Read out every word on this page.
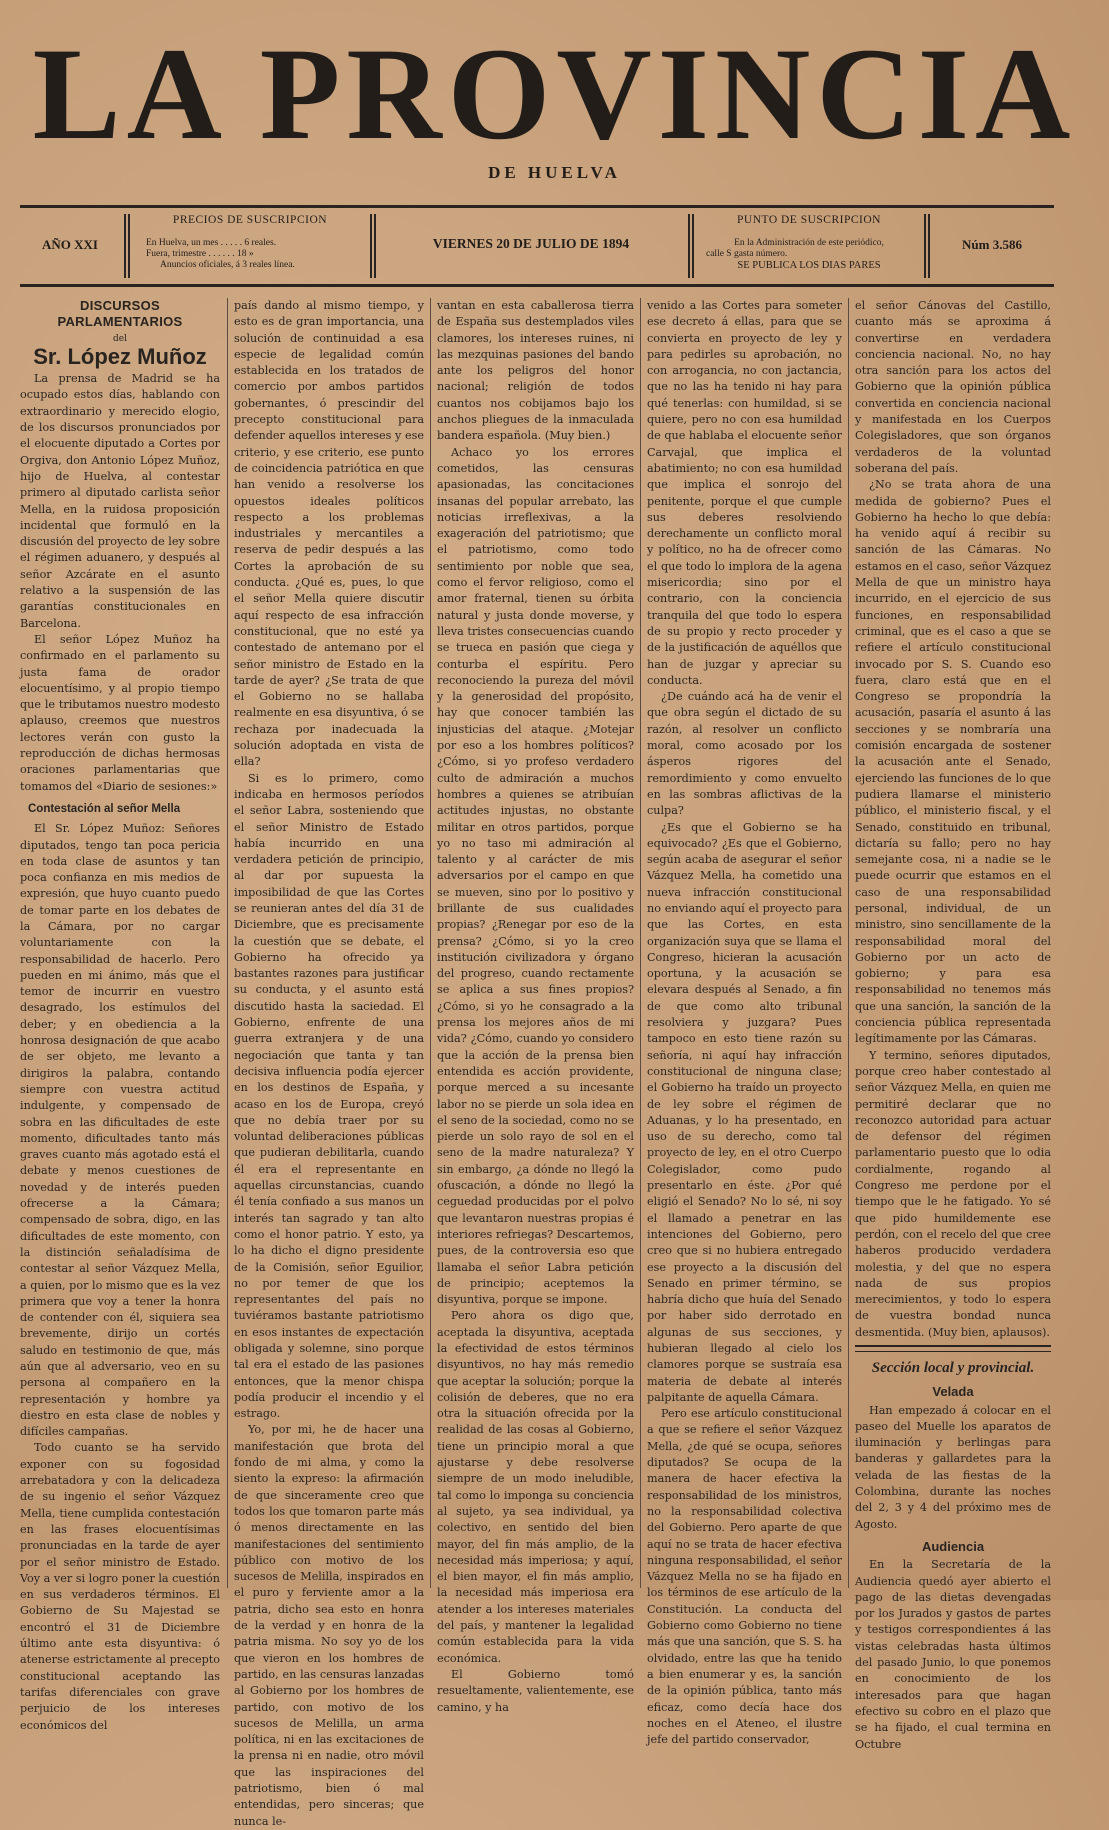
LA PROVINCIA
DE HUELVA
AÑO XXI
PRECIOS DE SUSCRIPCION
En Huelva, un mes . . . . . 6 reales.
Fuera, trimestre . . . . . . 18 »
Anuncios oficiales, á 3 reales línea.
VIERNES 20 DE JULIO DE 1894
PUNTO DE SUSCRIPCION
En la Administración de este periódico,
calle S gasta número.
SE PUBLICA LOS DIAS PARES
Núm 3.586
DISCURSOS PARLAMENTARIOS
del
Sr. López Muñoz

La prensa de Madrid se ha ocupado estos días, hablando con extraordinario y merecido elogio, de los discursos pronunciados por el elocuente diputado a Cortes por Orgiva, don Antonio López Muñoz, hijo de Huelva, al contestar primero al diputado carlista señor Mella, en la ruidosa proposición incidental que formuló en la discusión del proyecto de ley sobre el régimen aduanero, y después al señor Azcárate en el asunto relativo a la suspensión de las garantías constitucionales en Barcelona.

El señor López Muñoz ha confirmado en el parlamento su justa fama de orador elocuentísimo, y al propio tiempo que le tributamos nuestro modesto aplauso, creemos que nuestros lectores verán con gusto la reproducción de dichas hermosas oraciones parlamentarias que tomamos del «Diario de sesiones:»

Contestación al señor Mella

El Sr. López Muñoz: Señores diputados, tengo tan poca pericia en toda clase de asuntos y tan poca confianza en mis medios de expresión, que huyo cuanto puedo de tomar parte en los debates de la Cámara, por no cargar voluntariamente con la responsabilidad de hacerlo. Pero pueden en mi ánimo, más que el temor de incurrir en vuestro desagrado, los estímulos del deber; y en obediencia a la honrosa designación de que acabo de ser objeto, me levanto a dirigiros la palabra, contando siempre con vuestra actitud indulgente, y compensado de sobra en las dificultades de este momento, dificultades tanto más graves cuanto más agotado está el debate y menos cuestiones de novedad y de interés pueden ofrecerse a la Cámara; compensado de sobra, digo, en las dificultades de este momento, con la distinción señaladísima de contestar al señor Vázquez Mella, a quien, por lo mismo que es la vez primera que voy a tener la honra de contender con él, siquiera sea brevemente, dirijo un cortés saludo en testimonio de que, más aún que al adversario, veo en su persona al compañero en la representación y hombre ya diestro en esta clase de nobles y difíciles campañas.

Todo cuanto se ha servido exponer con su fogosidad arrebatadora y con la delicadeza de su ingenio el señor Vázquez Mella, tiene cumplida contestación en las frases elocuentísimas pronunciadas en la tarde de ayer por el señor ministro de Estado. Voy a ver si logro poner la cuestión en sus verdaderos términos. El Gobierno de Su Majestad se encontró el 31 de Diciembre último ante esta disyuntiva: ó atenerse estrictamente al precepto constitucional aceptando las tarifas diferenciales con grave perjuicio de los intereses económicos del

país dando al mismo tiempo, y esto es de gran importancia, una solución de continuidad a esa especie de legalidad común establecida en los tratados de comercio por ambos partidos gobernantes, ó prescindir del precepto constitucional para defender aquellos intereses y ese criterio, y ese criterio, ese punto de coincidencia patriótica en que han venido a resolverse los opuestos ideales políticos respecto a los problemas industriales y mercantiles a reserva de pedir después a las Cortes la aprobación de su conducta. ¿Qué es, pues, lo que el señor Mella quiere discutir aquí respecto de esa infracción constitucional, que no esté ya contestado de antemano por el señor ministro de Estado en la tarde de ayer? ¿Se trata de que el Gobierno no se hallaba realmente en esa disyuntiva, ó se rechaza por inadecuada la solución adoptada en vista de ella?

Si es lo primero, como indicaba en hermosos períodos el señor Labra, sosteniendo que el señor Ministro de Estado había incurrido en una verdadera petición de principio, al dar por supuesta la imposibilidad de que las Cortes se reunieran antes del día 31 de Diciembre, que es precisamente la cuestión que se debate, el Gobierno ha ofrecido ya bastantes razones para justificar su conducta, y el asunto está discutido hasta la saciedad. El Gobierno, enfrente de una guerra extranjera y de una negociación que tanta y tan decisiva influencia podía ejercer en los destinos de España, y acaso en los de Europa, creyó que no debía traer por su voluntad deliberaciones públicas que pudieran debilitarla, cuando él era el representante en aquellas circunstancias, cuando él tenía confiado a sus manos un interés tan sagrado y tan alto como el honor patrio. Y esto, ya lo ha dicho el digno presidente de la Comisión, señor Eguilior, no por temer de que los representantes del país no tuviéramos bastante patriotismo en esos instantes de expectación obligada y solemne, sino porque tal era el estado de las pasiones entonces, que la menor chispa podía producir el incendio y el estrago.

Yo, por mi, he de hacer una manifestación que brota del fondo de mi alma, y como la siento la expreso: la afirmación de que sinceramente creo que todos los que tomaron parte más ó menos directamente en las manifestaciones del sentimiento público con motivo de los sucesos de Melilla, inspirados en el puro y ferviente amor a la patria, dicho sea esto en honra de la verdad y en honra de la patria misma. No soy yo de los que vieron en los hombres de partido, en las censuras lanzadas al Gobierno por los hombres de partido, con motivo de los sucesos de Melilla, un arma política, ni en las excitaciones de la prensa ni en nadie, otro móvil que las inspiraciones del patriotismo, bien ó mal entendidas, pero sinceras; que nunca le-

vantan en esta caballerosa tierra de España sus destemplados viles clamores, los intereses ruines, ni las mezquinas pasiones del bando ante los peligros del honor nacional; religión de todos cuantos nos cobijamos bajo los anchos pliegues de la inmaculada bandera española. (Muy bien.)

Achaco yo los errores cometidos, las censuras apasionadas, las concitaciones insanas del popular arrebato, las noticias irreflexivas, a la exageración del patriotismo; que el patriotismo, como todo sentimiento por noble que sea, como el fervor religioso, como el amor fraternal, tienen su órbita natural y justa donde moverse, y lleva tristes consecuencias cuando se trueca en pasión que ciega y conturba el espíritu. Pero reconociendo la pureza del móvil y la generosidad del propósito, hay que conocer también las injusticias del ataque. ¿Motejar por eso a los hombres políticos? ¿Cómo, si yo profeso verdadero culto de admiración a muchos hombres a quienes se atribuían actitudes injustas, no obstante militar en otros partidos, porque yo no taso mi admiración al talento y al carácter de mis adversarios por el campo en que se mueven, sino por lo positivo y brillante de sus cualidades propias? ¿Renegar por eso de la prensa? ¿Cómo, si yo la creo institución civilizadora y órgano del progreso, cuando rectamente se aplica a sus fines propios? ¿Cómo, si yo he consagrado a la prensa los mejores años de mi vida? ¿Cómo, cuando yo considero que la acción de la prensa bien entendida es acción providente, porque merced a su incesante labor no se pierde un sola idea en el seno de la sociedad, como no se pierde un solo rayo de sol en el seno de la madre naturaleza? Y sin embargo, ¿a dónde no llegó la ofuscación, a dónde no llegó la ceguedad producidas por el polvo que levantaron nuestras propias é interiores refriegas? Descartemos, pues, de la controversia eso que llamaba el señor Labra petición de principio; aceptemos la disyuntiva, porque se impone.

Pero ahora os digo que, aceptada la disyuntiva, aceptada la efectividad de estos términos disyuntivos, no hay más remedio que aceptar la solución; porque la colisión de deberes, que no era otra la situación ofrecida por la realidad de las cosas al Gobierno, tiene un principio moral a que ajustarse y debe resolverse siempre de un modo ineludible, tal como lo imponga su conciencia al sujeto, ya sea individual, ya colectivo, en sentido del bien mayor, del fin más amplio, de la necesidad más imperiosa; y aquí, el bien mayor, el fin más amplio, la necesidad más imperiosa era atender a los intereses materiales del país, y mantener la legalidad común establecida para la vida económica.

El Gobierno tomó resueltamente, valientemente, ese camino, y ha

venido a las Cortes para someter ese decreto á ellas, para que se convierta en proyecto de ley y para pedirles su aprobación, no con arrogancia, no con jactancia, que no las ha tenido ni hay para qué tenerlas: con humildad, si se quiere, pero no con esa humildad de que hablaba el elocuente señor Carvajal, que implica el abatimiento; no con esa humildad que implica el sonrojo del penitente, porque el que cumple sus deberes resolviendo derechamente un conflicto moral y político, no ha de ofrecer como el que todo lo implora de la agena misericordia; sino por el contrario, con la conciencia tranquila del que todo lo espera de su propio y recto proceder y de la justificación de aquéllos que han de juzgar y apreciar su conducta.

¿De cuándo acá ha de venir el que obra según el dictado de su razón, al resolver un conflicto moral, como acosado por los ásperos rigores del remordimiento y como envuelto en las sombras aflictivas de la culpa?

¿Es que el Gobierno se ha equivocado? ¿Es que el Gobierno, según acaba de asegurar el señor Vázquez Mella, ha cometido una nueva infracción constitucional no enviando aquí el proyecto para que las Cortes, en esta organización suya que se llama el Congreso, hicieran la acusación oportuna, y la acusación se elevara después al Senado, a fin de que como alto tribunal resolviera y juzgara? Pues tampoco en esto tiene razón su señoría, ni aquí hay infracción constitucional de ninguna clase; el Gobierno ha traído un proyecto de ley sobre el régimen de Aduanas, y lo ha presentado, en uso de su derecho, como tal proyecto de ley, en el otro Cuerpo Colegislador, como pudo presentarlo en éste. ¿Por qué eligió el Senado? No lo sé, ni soy el llamado a penetrar en las intenciones del Gobierno, pero creo que si no hubiera entregado ese proyecto a la discusión del Senado en primer término, se habría dicho que huía del Senado por haber sido derrotado en algunas de sus secciones, y hubieran llegado al cielo los clamores porque se sustraía esa materia de debate al interés palpitante de aquella Cámara.

Pero ese artículo constitucional a que se refiere el señor Vázquez Mella, ¿de qué se ocupa, señores diputados? Se ocupa de la manera de hacer efectiva la responsabilidad de los ministros, no la responsabilidad colectiva del Gobierno. Pero aparte de que aquí no se trata de hacer efectiva ninguna responsabilidad, el señor Vázquez Mella no se ha fijado en los términos de ese artículo de la Constitución. La conducta del Gobierno como Gobierno no tiene más que una sanción, que S. S. ha olvidado, entre las que ha tenido a bien enumerar y es, la sanción de la opinión pública, tanto más eficaz, como decía hace dos noches en el Ateneo, el ilustre jefe del partido conservador,

el señor Cánovas del Castillo, cuanto más se aproxima á convertirse en verdadera conciencia nacional. No, no hay otra sanción para los actos del Gobierno que la opinión pública convertida en conciencia nacional y manifestada en los Cuerpos Colegisladores, que son órganos verdaderos de la voluntad soberana del país.

¿No se trata ahora de una medida de gobierno? Pues el Gobierno ha hecho lo que debía: ha venido aquí á recibir su sanción de las Cámaras. No estamos en el caso, señor Vázquez Mella de que un ministro haya incurrido, en el ejercicio de sus funciones, en responsabilidad criminal, que es el caso a que se refiere el artículo constitucional invocado por S. S. Cuando eso fuera, claro está que en el Congreso se propondría la acusación, pasaría el asunto á las secciones y se nombraría una comisión encargada de sostener la acusación ante el Senado, ejerciendo las funciones de lo que pudiera llamarse el ministerio público, el ministerio fiscal, y el Senado, constituido en tribunal, dictaría su fallo; pero no hay semejante cosa, ni a nadie se le puede ocurrir que estamos en el caso de una responsabilidad personal, individual, de un ministro, sino sencillamente de la responsabilidad moral del Gobierno por un acto de gobierno; y para esa responsabilidad no tenemos más que una sanción, la sanción de la conciencia pública representada legítimamente por las Cámaras.

Y termino, señores diputados, porque creo haber contestado al señor Vázquez Mella, en quien me permitiré declarar que no reconozco autoridad para actuar de defensor del régimen parlamentario puesto que lo odia cordialmente, rogando al Congreso me perdone por el tiempo que le he fatigado. Yo sé que pido humildemente ese perdón, con el recelo del que cree haberos producido verdadera molestia, y del que no espera nada de sus propios merecimientos, y todo lo espera de vuestra bondad nunca desmentida. (Muy bien, aplausos).

Sección local y provincial.
Velada

Han empezado á colocar en el paseo del Muelle los aparatos de iluminación y berlingas para banderas y gallardetes para la velada de las fiestas de la Colombina, durante las noches del 2, 3 y 4 del próximo mes de Agosto.

Audiencia

En la Secretaría de la Audiencia quedó ayer abierto el pago de las dietas devengadas por los Jurados y gastos de partes y testigos correspondientes á las vistas celebradas hasta últimos del pasado Junio, lo que ponemos en conocimiento de los interesados para que hagan efectivo su cobro en el plazo que se ha fijado, el cual termina en Octubre
